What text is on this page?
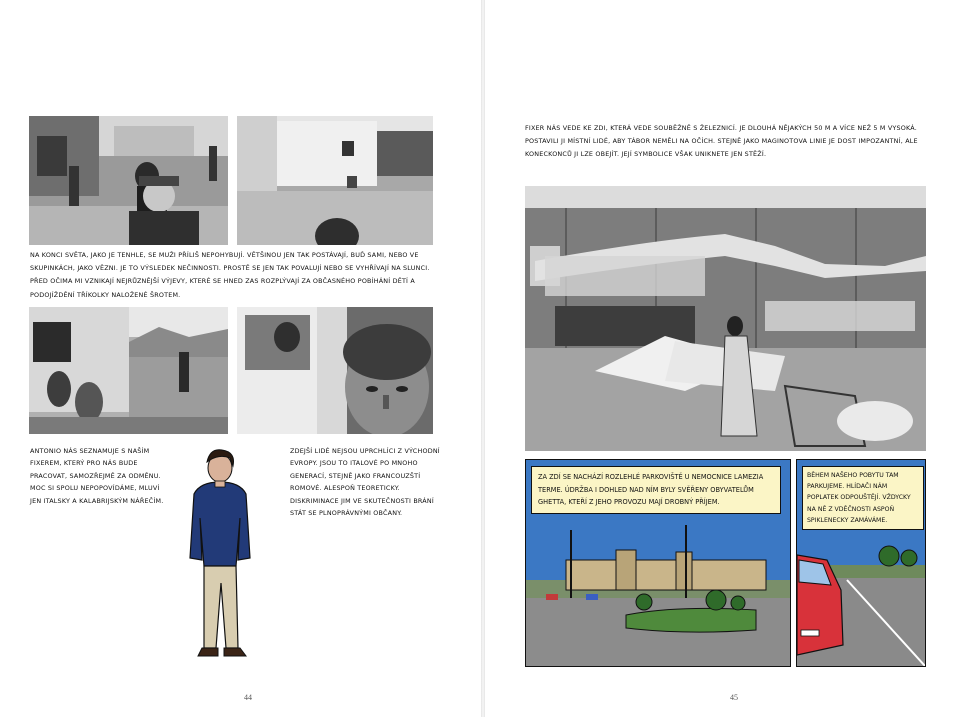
NA KONCI SVĚTA, JAKO JE TENHLE, SE MUŽI PŘÍLIŠ NEPOHYBUJÍ. VĚTŠINOU JEN TAK POSTÁVAJÍ, BUĎ SAMI, NEBO VE SKUPINKÁCH, JAKO VĚZNI. JE TO VÝSLEDEK NEČINNOSTI. PROSTĚ SE JEN TAK POVALUJÍ NEBO SE VYHŘÍVAJÍ NA SLUNCI. PŘED OČIMA MI VZNIKAJÍ NEJRŮZNĚJŠÍ VÝJEVY, KTERÉ SE HNED ZAS ROZPLÝVAJÍ ZA OBČASNÉHO POBÍHÁNÍ DĚTÍ A PODOJÍŽDĚNÍ TŘÍKOLKY NALOŽENÉ ŠROTEM.
ANTONIO NÁS SEZNAMUJE S NAŠÍM FIXEREM, KTERÝ PRO NÁS BUDE PRACOVAT, SAMOZŘEJMĚ ZA ODMĚNU. MOC SI SPOLU NEPOPOVÍDÁME, MLUVÍ JEN ITALSKY A KALABRIJSKÝM NÁŘEČÍM.
ZDEJŠÍ LIDÉ NEJSOU UPRCHLÍCI Z VÝCHODNÍ EVROPY. JSOU TO ITALOVÉ PO MNOHO GENERACÍ, STEJNĚ JAKO FRANCOUZŠTÍ ROMOVÉ. ALESPOŇ TEORETICKY. DISKRIMINACE JIM VE SKUTEČNOSTI BRÁNÍ STÁT SE PLNOPRÁVNÝMI OBČANY.
44
FIXER NÁS VEDE KE ZDI, KTERÁ VEDE SOUBĚŽNĚ S ŽELEZNICÍ. JE DLOUHÁ NĚJAKÝCH 50 M A VÍCE NEŽ 5 M VYSOKÁ. POSTAVILI JI MÍSTNÍ LIDÉ, ABY TÁBOR NEMĚLI NA OČÍCH. STEJNĚ JAKO MAGINOTOVA LINIE JE DOST IMPOZANTNÍ, ALE KONECKONCŮ JI LZE OBEJÍT. JEJÍ SYMBOLICE VŠAK UNIKNETE JEN STĚŽÍ.
ZA ZDÍ SE NACHÁZÍ ROZLEHLÉ PARKOVIŠTĚ U NEMOCNICE LAMEZIA TERME. ÚDRŽBA I DOHLED NAD NÍM BYLY SVĚŘENY OBYVATELŮM GHETTA, KTEŘÍ Z JEHO PROVOZU MAJÍ DROBNÝ PŘÍJEM.
BĚHEM NAŠEHO POBYTU TAM PARKUJEME. HLÍDAČI NÁM POPLATEK ODPOUŠTĚJÍ. VŽDYCKY NA NĚ Z VDĚČNOSTI ASPOŇ SPIKLENECKY ZAMÁVÁME.
45
